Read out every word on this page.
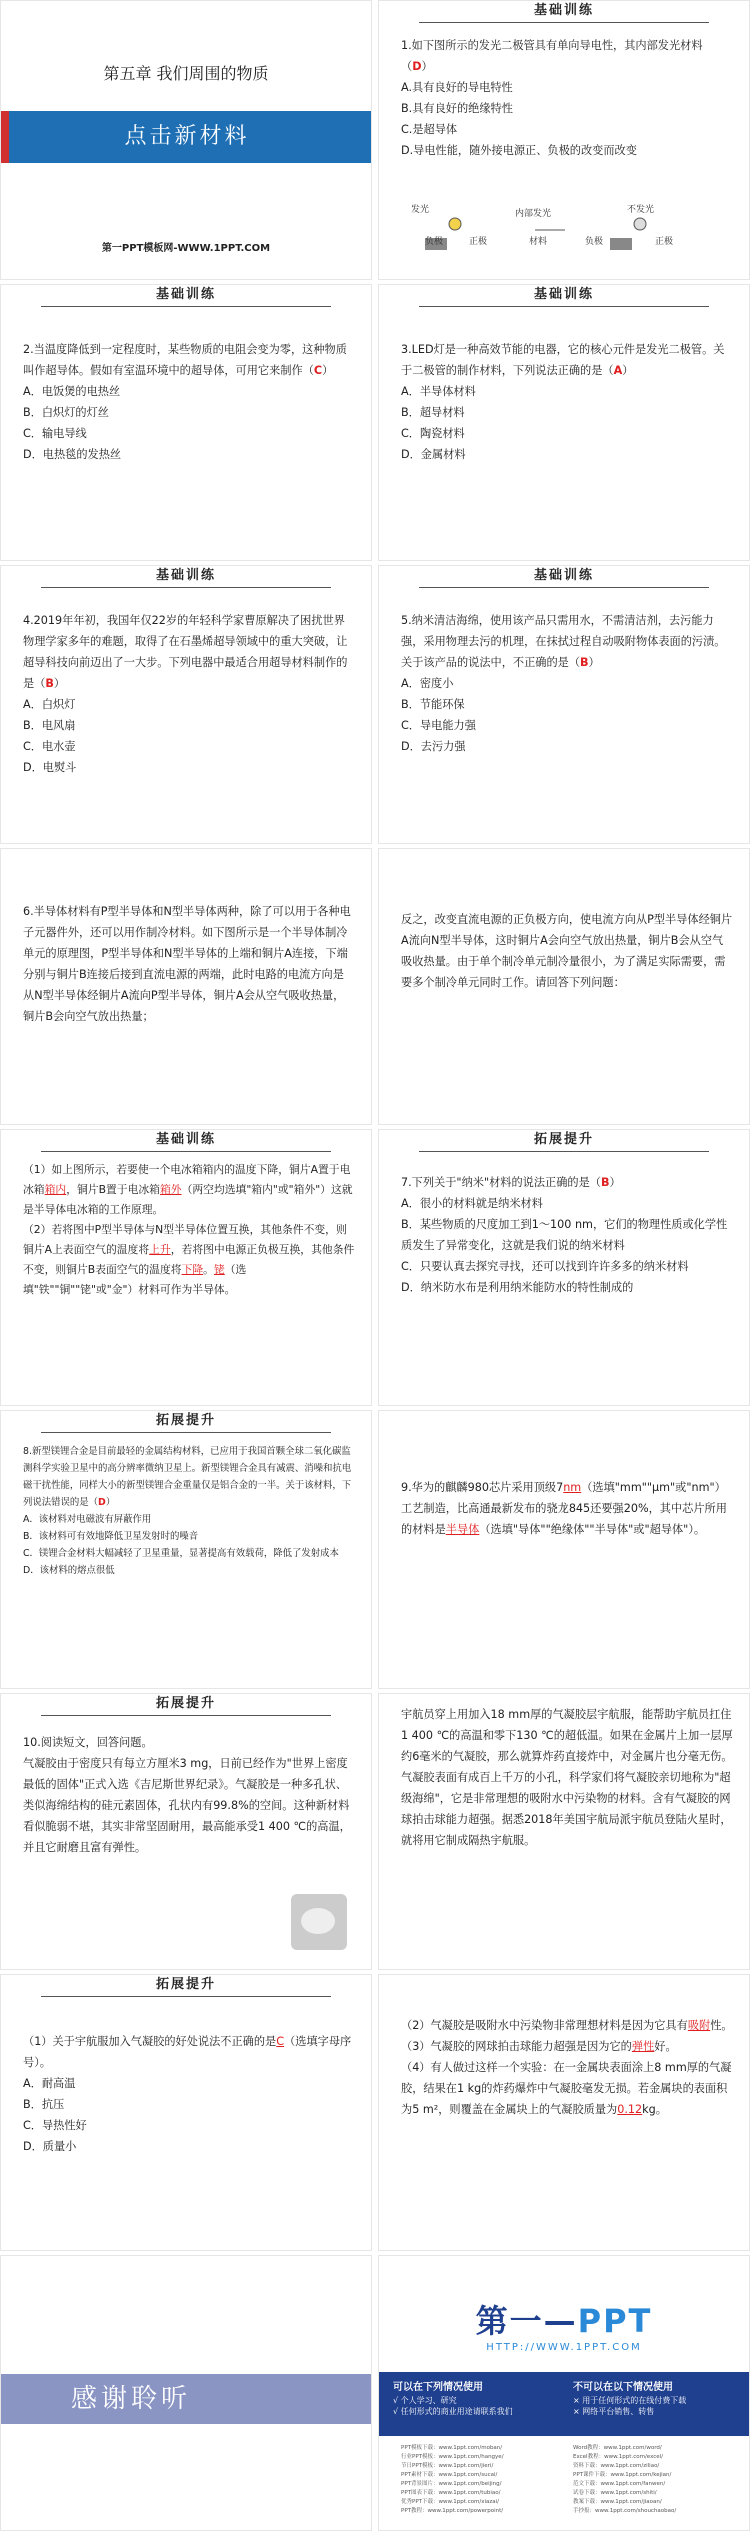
第五章 我们周围的物质
点击新材料
第一PPT模板网-WWW.1PPT.COM
基础训练

1.如下图所示的发光二极管具有单向导电性，其内部发光材料（D）

A.具有良好的导电特性

B.具有良好的绝缘特性

C.是超导体

D.导电性能，随外接电源正、负极的改变而改变

发光	内部发光	不发光
负极	正极	材料	负极	正极
基础训练

2.当温度降低到一定程度时，某些物质的电阻会变为零，这种物质叫作超导体。假如有室温环境中的超导体，可用它来制作（C）

A．电饭煲的电热丝

B．白炽灯的灯丝

C．输电导线

D．电热毯的发热丝

基础训练

3.LED灯是一种高效节能的电器，它的核心元件是发光二极管。关于二极管的制作材料，下列说法正确的是（A）

A．半导体材料

B．超导材料

C．陶瓷材料

D．金属材料

基础训练

4.2019年年初，我国年仅22岁的年轻科学家曹原解决了困扰世界物理学家多年的难题，取得了在石墨烯超导领域中的重大突破，让超导科技向前迈出了一大步。下列电器中最适合用超导材料制作的是（B）

A．白炽灯

B．电风扇

C．电水壶

D．电熨斗

基础训练

5.纳米清洁海绵，使用该产品只需用水，不需清洁剂，去污能力强，采用物理去污的机理，在抹拭过程自动吸附物体表面的污渍。关于该产品的说法中，不正确的是（B）

A．密度小

B．节能环保

C．导电能力强

D．去污力强

6.半导体材料有P型半导体和N型半导体两种，除了可以用于各种电子元器件外，还可以用作制冷材料。如下图所示是一个半导体制冷单元的原理图，P型半导体和N型半导体的上端和铜片A连接，下端分别与铜片B连接后接到直流电源的两端，此时电路的电流方向是从N型半导体经铜片A流向P型半导体，铜片A会从空气吸收热量，铜片B会向空气放出热量；

反之，改变直流电源的正负极方向，使电流方向从P型半导体经铜片A流向N型半导体，这时铜片A会向空气放出热量，铜片B会从空气吸收热量。由于单个制冷单元制冷量很小，为了满足实际需要，需要多个制冷单元同时工作。请回答下列问题：

基础训练

（1）如上图所示，若要使一个电冰箱箱内的温度下降，铜片A置于电冰箱箱内，铜片B置于电冰箱箱外（两空均选填"箱内"或"箱外"）这就是半导体电冰箱的工作原理。

（2）若将图中P型半导体与N型半导体位置互换，其他条件不变，则铜片A上表面空气的温度将上升，若将图中电源正负极互换，其他条件不变，则铜片B表面空气的温度将下降。铑（选填"铁""铜""铑"或"金"）材料可作为半导体。

拓展提升

7.下列关于"纳米"材料的说法正确的是（B）

A．很小的材料就是纳米材料

B．某些物质的尺度加工到1～100 nm，它们的物理性质或化学性质发生了异常变化，这就是我们说的纳米材料

C．只要认真去探究寻找，还可以找到许许多多的纳米材料

D．纳米防水布是利用纳米能防水的特性制成的

拓展提升

8.新型镁锂合金是目前最轻的金属结构材料，已应用于我国首颗全球二氧化碳监测科学实验卫星中的高分辨率微纳卫星上。新型镁锂合金具有减震、消噪和抗电磁干扰性能，同样大小的新型镁锂合金重量仅是铝合金的一半。关于该材料，下列说法错误的是（D）

A．该材料对电磁波有屏蔽作用

B．该材料可有效地降低卫星发射时的噪音

C．镁锂合金材料大幅减轻了卫星重量，显著提高有效载荷，降低了发射成本

D．该材料的熔点很低

9.华为的麒麟980芯片采用顶级7nm（选填"mm""μm"或"nm"）工艺制造，比高通最新发布的骁龙845还要强20%，其中芯片所用的材料是半导体（选填"导体""绝缘体""半导体"或"超导体"）。

拓展提升
10.阅读短文，回答问题。
气凝胶由于密度只有每立方厘米3 mg，日前已经作为"世界上密度最低的固体"正式入选《吉尼斯世界纪录》。气凝胶是一种多孔状、类似海绵结构的硅元素固体，孔状内有99.8%的空间。这种新材料看似脆弱不堪，其实非常坚固耐用，最高能承受1 400 ℃的高温，并且它耐磨且富有弹性。
宇航员穿上用加入18 mm厚的气凝胶层宇航服，能帮助宇航员扛住1 400 ℃的高温和零下130 ℃的超低温。如果在金属片上加一层厚约6毫米的气凝胶，那么就算炸药直接炸中，对金属片也分毫无伤。气凝胶表面有成百上千万的小孔，科学家们将气凝胶亲切地称为"超级海绵"，它是非常理想的吸附水中污染物的材料。含有气凝胶的网球拍击球能力超强。据悉2018年美国宇航局派宇航员登陆火星时，就将用它制成隔热宇航服。
拓展提升

（1）关于宇航服加入气凝胶的好处说法不正确的是C（选填字母序号）。

A．耐高温

B．抗压

C．导热性好

D．质量小

（2）气凝胶是吸附水中污染物非常理想材料是因为它具有吸附性。

（3）气凝胶的网球拍击球能力超强是因为它的弹性好。

（4）有人做过这样一个实验：在一金属块表面涂上8 mm厚的气凝胶，结果在1 kg的炸药爆炸中气凝胶毫发无损。若金属块的表面积为5 m²，则覆盖在金属块上的气凝胶质量为0.12kg。

感谢聆听
第一—PPT
HTTP://WWW.1PPT.COM
可以在下列情况使用
√ 个人学习、研究
√ 任何形式的商业用途请联系我们
不可以在以下情况使用
× 用于任何形式的在线付费下载
× 网络平台销售、转售
PPT模板下载：www.1ppt.com/moban/
行业PPT模板：www.1ppt.com/hangye/
节日PPT模板：www.1ppt.com/jieri/
PPT素材下载：www.1ppt.com/sucai/
PPT背景图片：www.1ppt.com/beijing/
PPT图表下载：www.1ppt.com/tubiao/
优秀PPT下载：www.1ppt.com/xiazai/
PPT教程：www.1ppt.com/powerpoint/
Word教程：www.1ppt.com/word/
Excel教程：www.1ppt.com/excel/
资料下载：www.1ppt.com/ziliao/
PPT课件下载：www.1ppt.com/kejian/
范文下载：www.1ppt.com/fanwen/
试卷下载：www.1ppt.com/shiti/
教案下载：www.1ppt.com/jiaoan/
手抄报：www.1ppt.com/shouchaobao/
